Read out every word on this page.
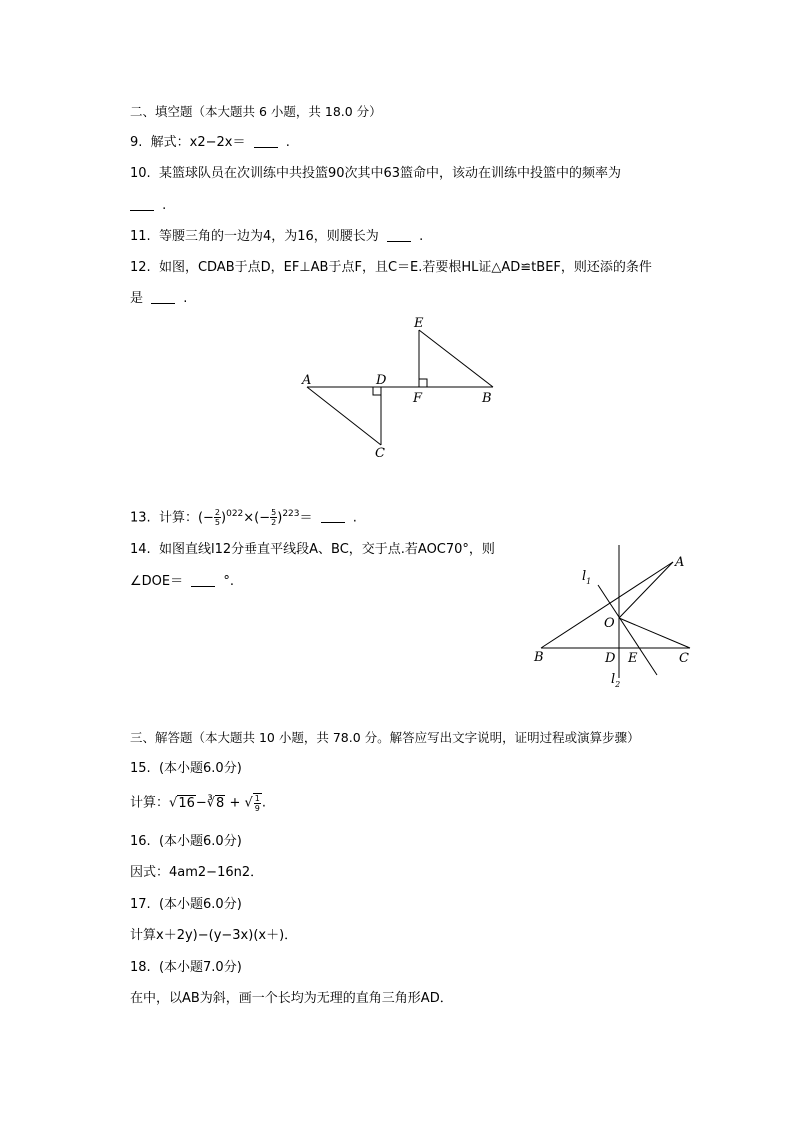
二、填空题（本大题共 6 小题，共 18.0 分）
9. 解式：x2−2x＝	.
10. 某篮球队员在次训练中共投篮90次其中63篮命中，该动在训练中投篮中的频率为
.
11. 等腰三角的一边为4，为16，则腰长为	.
12. 如图，CDAB于点D，EF⊥AB于点F，且C＝E.若要根HL证△AD≌tBEF，则还添的条件
是	.
A	D
F	B
C
E
13. 计算：(− $\frac{2}{5} )^{022}\times(- \frac{5}{2} )^{223}=$	.
14. 如图直线l12分垂直平线段A、BC，交于点.若AOC70°，则
∠DOE＝	°.
A
B	C
D E
O
$l_1$
$l_2$
三、解答题（本大题共 10 小题，共 78.0 分。解答应写出文字说明，证明过程或演算步骤）
15. (本小题6.0分)
计算：√16−∛8 + √ $\frac{1}{9}$ .
16. (本小题6.0分)
因式：4am2−16n2．
17. (本小题6.0分)
计算x＋2y)−(y−3x)(x＋)．
18. (本小题7.0分)
在中，以AB为斜，画一个长均为无理的直角三角形AD．
